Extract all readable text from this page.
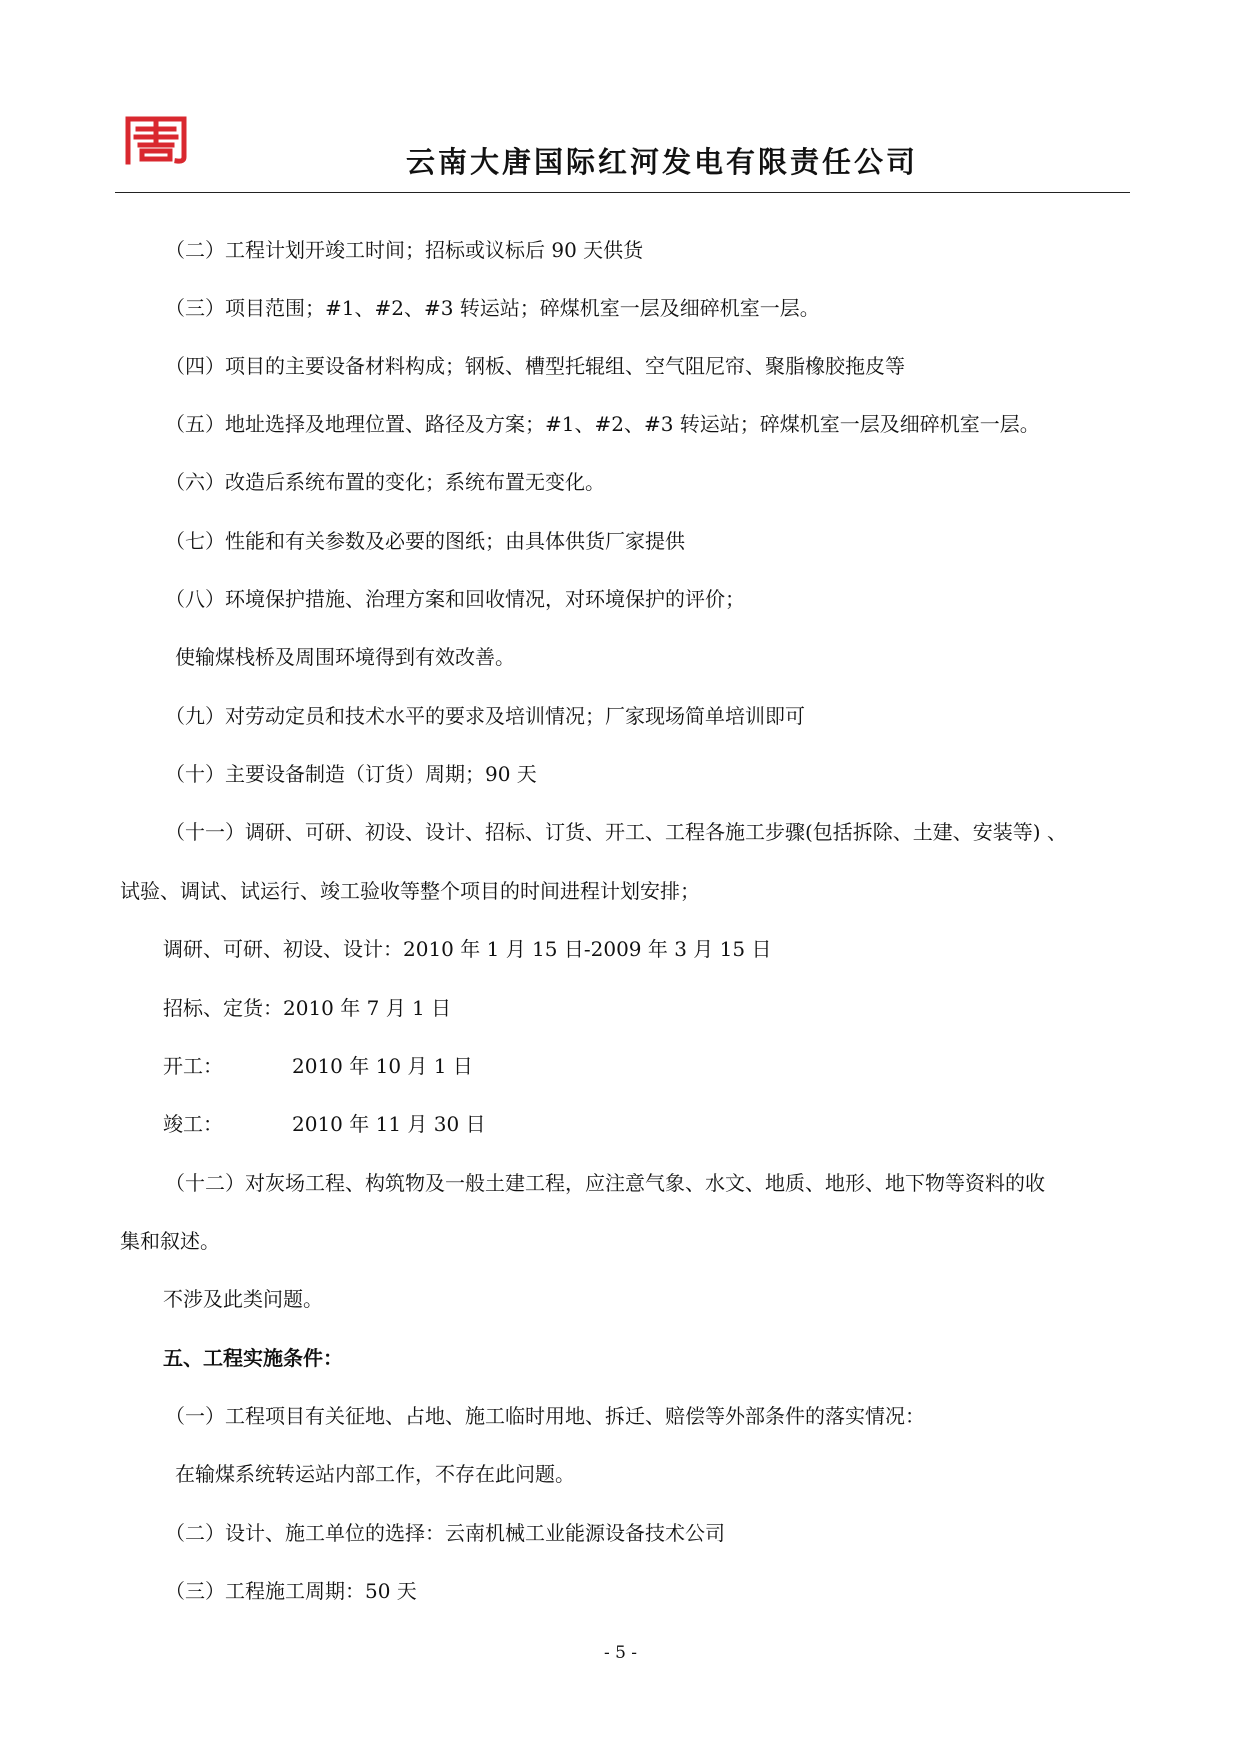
云南大唐国际红河发电有限责任公司
（二）工程计划开竣工时间；招标或议标后 90 天供货
（三）项目范围；#1、#2、#3 转运站；碎煤机室一层及细碎机室一层。
（四）项目的主要设备材料构成；钢板、槽型托辊组、空气阻尼帘、聚脂橡胶拖皮等
（五）地址选择及地理位置、路径及方案；#1、#2、#3 转运站；碎煤机室一层及细碎机室一层。
（六）改造后系统布置的变化；系统布置无变化。
（七）性能和有关参数及必要的图纸；由具体供货厂家提供
（八）环境保护措施、治理方案和回收情况，对环境保护的评价；
使输煤栈桥及周围环境得到有效改善。
（九）对劳动定员和技术水平的要求及培训情况；厂家现场简单培训即可
（十）主要设备制造（订货）周期；90 天
（十一）调研、可研、初设、设计、招标、订货、开工、工程各施工步骤(包括拆除、土建、安装等) 、
试验、调试、试运行、竣工验收等整个项目的时间进程计划安排；
调研、可研、初设、设计：2010 年 1 月 15 日-2009 年 3 月 15 日
招标、定货：2010 年 7 月 1 日
开工：	2010 年 10 月 1 日
竣工：	2010 年 11 月 30 日
（十二）对灰场工程、构筑物及一般土建工程，应注意气象、水文、地质、地形、地下物等资料的收
集和叙述。
不涉及此类问题。
五、工程实施条件：
（一）工程项目有关征地、占地、施工临时用地、拆迁、赔偿等外部条件的落实情况：
在输煤系统转运站内部工作，不存在此问题。
（二）设计、施工单位的选择：云南机械工业能源设备技术公司
（三）工程施工周期：50 天
- 5 -
